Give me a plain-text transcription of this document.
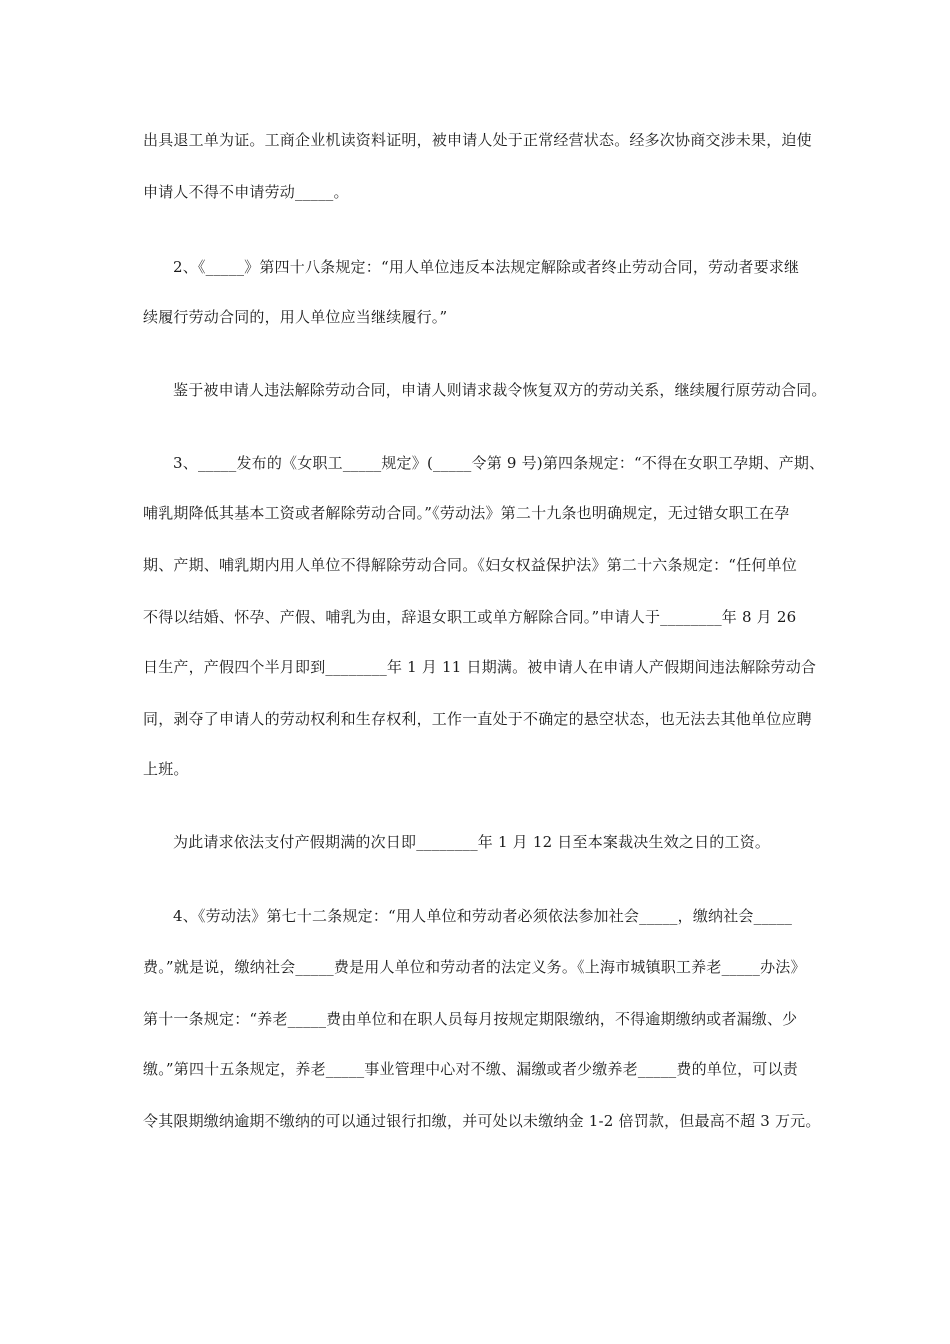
出具退工单为证。工商企业机读资料证明，被申请人处于正常经营状态。经多次协商交涉未果，迫使
申请人不得不申请劳动_____。
2、《_____》第四十八条规定：“用人单位违反本法规定解除或者终止劳动合同，劳动者要求继
续履行劳动合同的，用人单位应当继续履行。”
鉴于被申请人违法解除劳动合同，申请人则请求裁令恢复双方的劳动关系，继续履行原劳动合同。
3、_____发布的《女职工_____规定》(_____令第 9 号)第四条规定：“不得在女职工孕期、产期、
哺乳期降低其基本工资或者解除劳动合同。”《劳动法》第二十九条也明确规定，无过错女职工在孕
期、产期、哺乳期内用人单位不得解除劳动合同。《妇女权益保护法》第二十六条规定：“任何单位
不得以结婚、怀孕、产假、哺乳为由，辞退女职工或单方解除合同。”申请人于________年 8 月 26
日生产，产假四个半月即到________年 1 月 11 日期满。被申请人在申请人产假期间违法解除劳动合
同，剥夺了申请人的劳动权利和生存权利，工作一直处于不确定的悬空状态，也无法去其他单位应聘
上班。
为此请求依法支付产假期满的次日即________年 1 月 12 日至本案裁决生效之日的工资。
4、《劳动法》第七十二条规定：“用人单位和劳动者必须依法参加社会_____，缴纳社会_____
费。”就是说，缴纳社会_____费是用人单位和劳动者的法定义务。《上海市城镇职工养老_____办法》
第十一条规定：“养老_____费由单位和在职人员每月按规定期限缴纳，不得逾期缴纳或者漏缴、少
缴。”第四十五条规定，养老_____事业管理中心对不缴、漏缴或者少缴养老_____费的单位，可以责
令其限期缴纳逾期不缴纳的可以通过银行扣缴，并可处以未缴纳金 1-2 倍罚款，但最高不超 3 万元。
